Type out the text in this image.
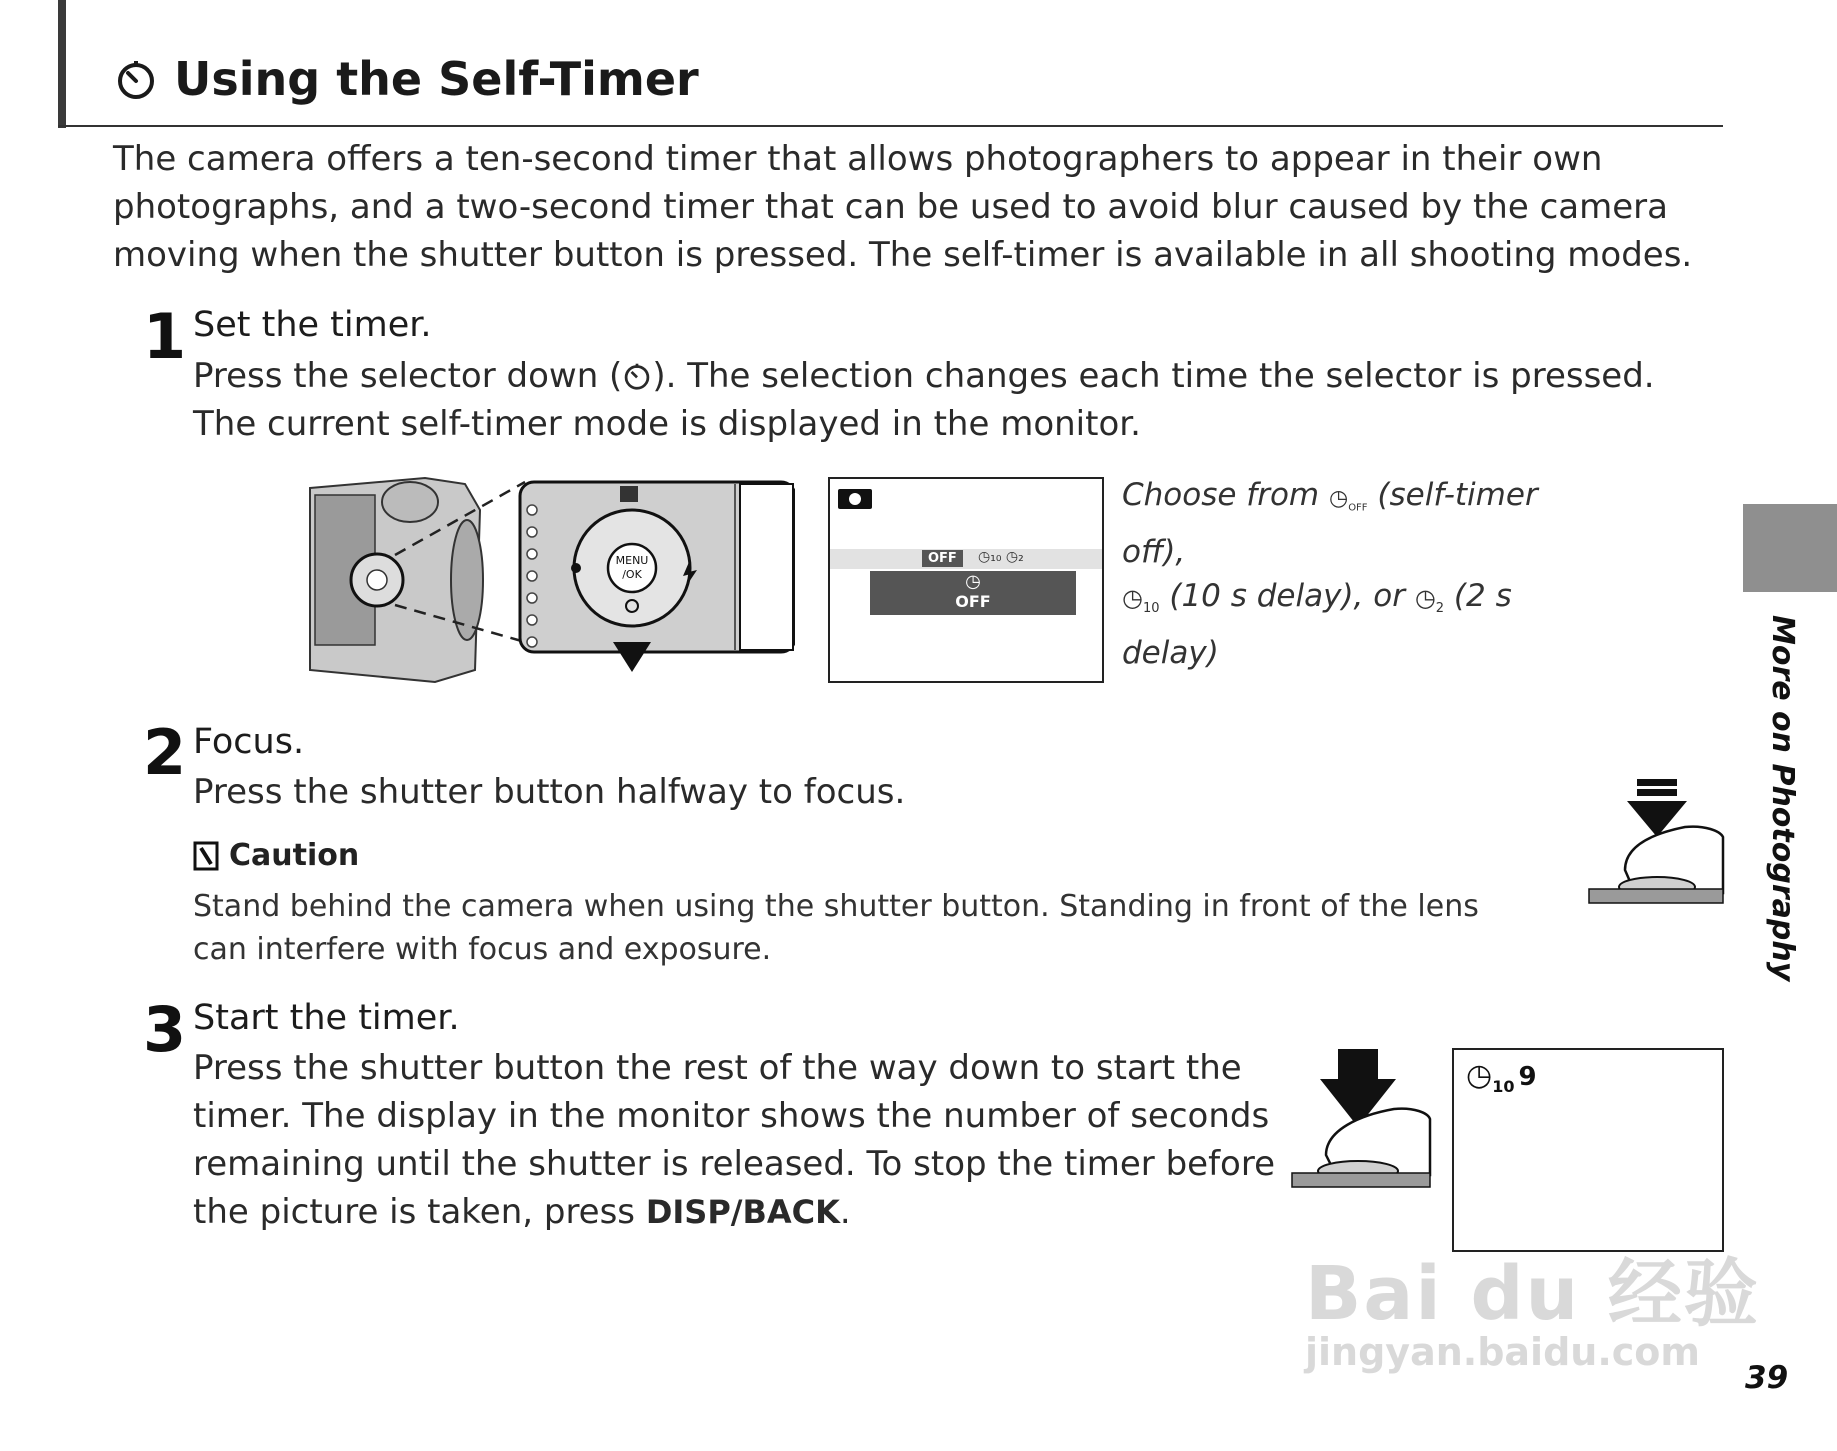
Using the Self-Timer
The camera offers a ten-second timer that allows photographers to appear in their own photographs, and a two-second timer that can be used to avoid blur caused by the camera moving when the shutter button is pressed. The self-timer is available in all shooting modes.
1 Set the timer.
Press the selector down ( ). The selection changes each time the selector is pressed. The current self-timer mode is displayed in the monitor.
MENU
/OK
OFF	◷₁₀ ◷₂
◷
OFF
Choose from $◷_{OFF}$ (self-timer off),
$◷_{10}$ (10 s delay), or $◷_2$ (2 s delay)
2 Focus.
Press the shutter button halfway to focus.
Caution
Stand behind the camera when using the shutter button. Standing in front of the lens can interfere with focus and exposure.
3 Start the timer.
Press the shutter button the rest of the way down to start the timer. The display in the monitor shows the number of seconds remaining until the shutter is released. To stop the timer before the picture is taken, press DISP/BACK.
$◷_{10}$ 9
More on Photography
Bai du 经验
jingyan.baidu.com
39
